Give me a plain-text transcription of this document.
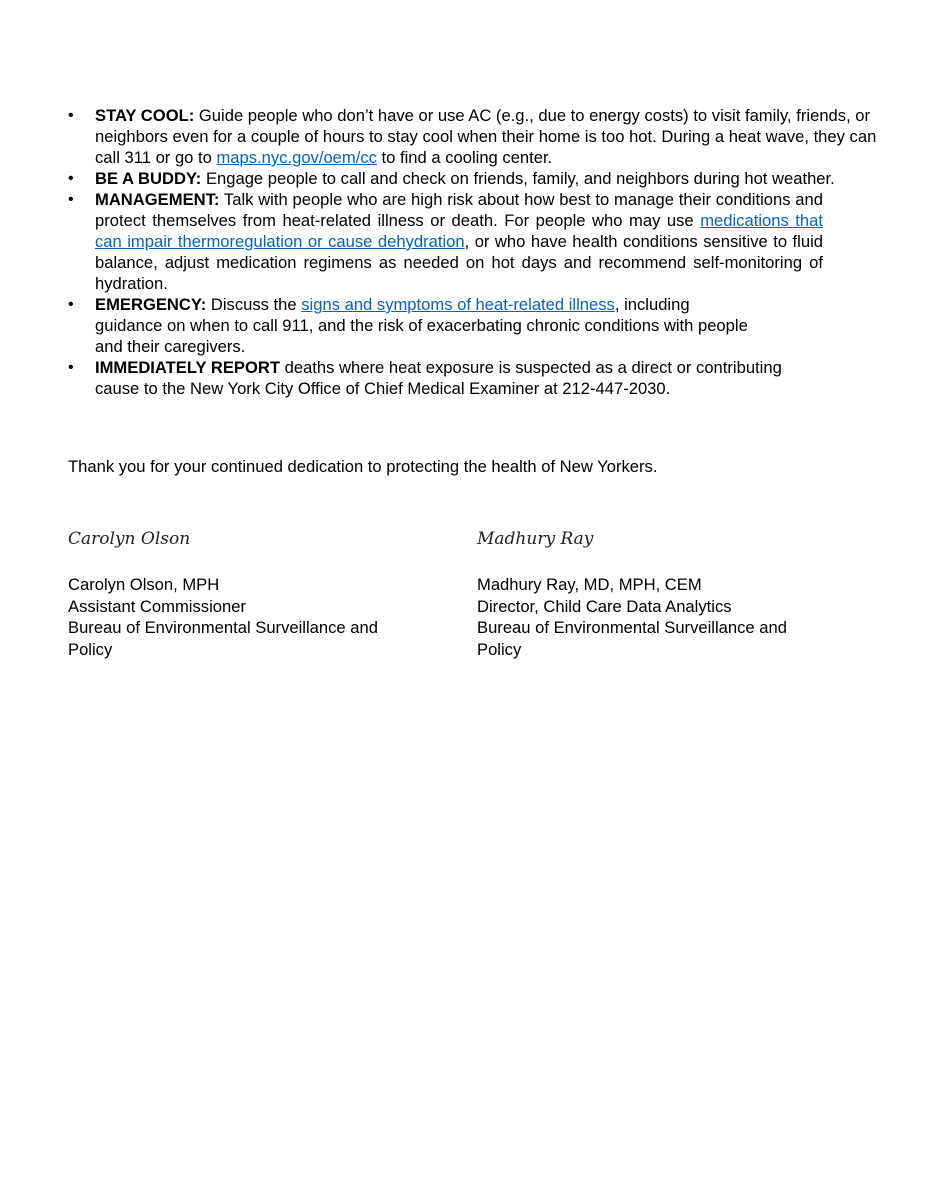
•	STAY COOL: Guide people who don’t have or use AC (e.g., due to energy costs) to visit family, friends, or neighbors even for a couple of hours to stay cool when their home is too hot. During a heat wave, they can call 311 or go to maps.nyc.gov/oem/cc to find a cooling center.
•	BE A BUDDY: Engage people to call and check on friends, family, and neighbors during hot weather.
•	MANAGEMENT: Talk with people who are high risk about how best to manage their conditions and protect themselves from heat-related illness or death. For people who may use medications that can impair thermoregulation or cause dehydration, or who have health conditions sensitive to fluid balance, adjust medication regimens as needed on hot days and recommend self-monitoring of hydration.
•	EMERGENCY: Discuss the signs and symptoms of heat-related illness, including guidance on when to call 911, and the risk of exacerbating chronic conditions with people and their caregivers.
•	IMMEDIATELY REPORT deaths where heat exposure is suspected as a direct or contributing cause to the New York City Office of Chief Medical Examiner at 212-447-2030.

Thank you for your continued dedication to protecting the health of New Yorkers.

Carolyn Olson

Carolyn Olson, MPH

Assistant Commissioner

Bureau of Environmental Surveillance and

Policy

Madhury Ray

Madhury Ray, MD, MPH, CEM

Director, Child Care Data Analytics

Bureau of Environmental Surveillance and

Policy
